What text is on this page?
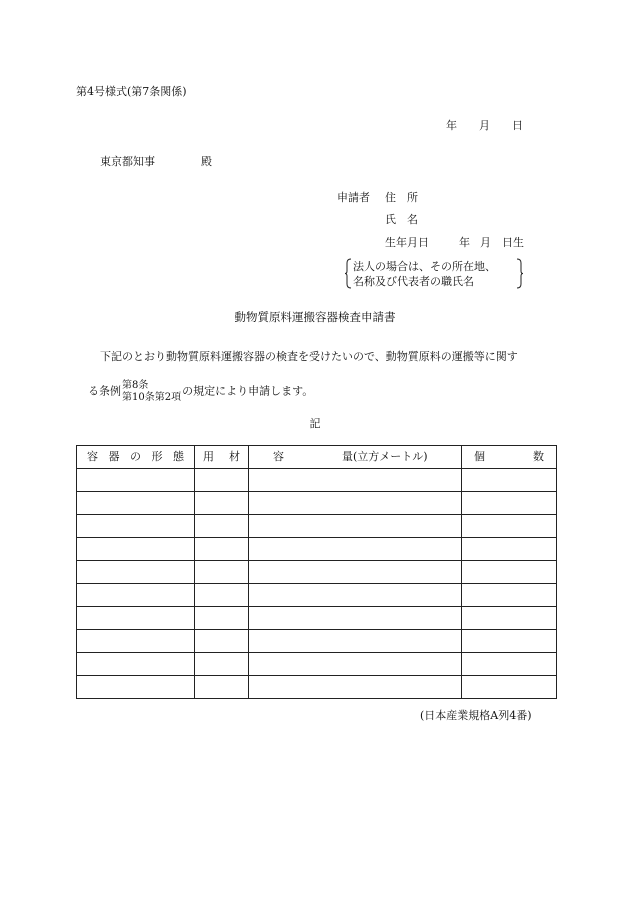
第4号様式(第7条関係)
年 月 日
東京都知事	殿
申請者 住　所
氏　名
生年月日	年 月 日生
法人の場合は、その所在地、
名称及び代表者の職氏名
動物質原料運搬容器検査申請書
下記のとおり動物質原料運搬容器の検査を受けたいので、動物質原料の運搬等に関す
る条例第8条
第10条第2項の規定により申請します。
記
容 器 の 形 態	用 材	容 量(立方メートル)	個 数

(日本産業規格A列4番)
